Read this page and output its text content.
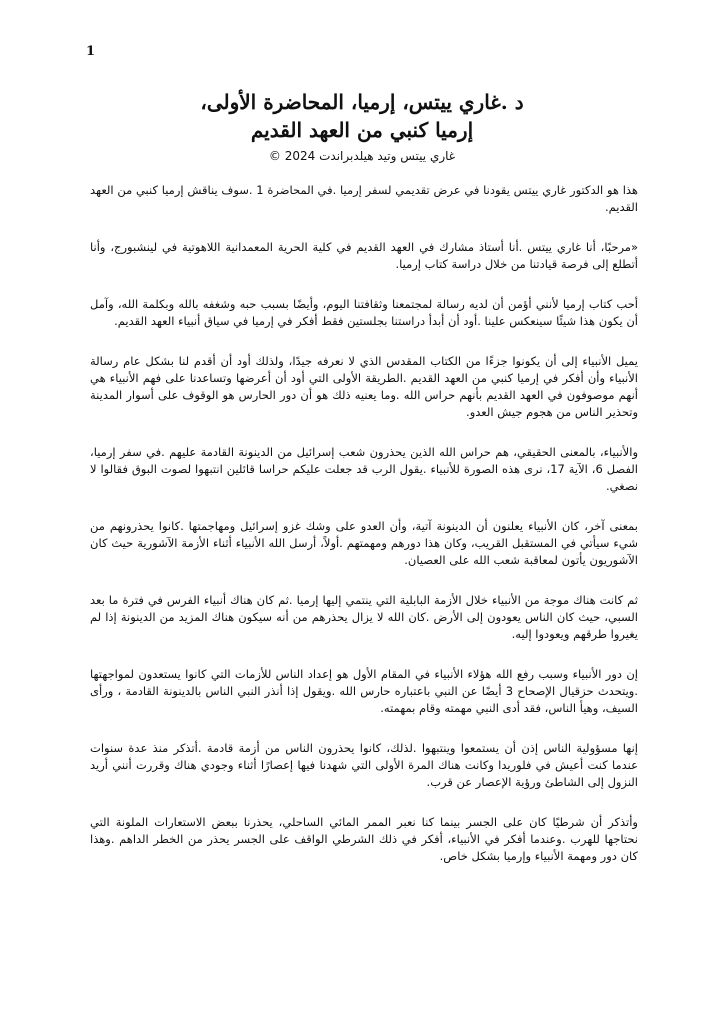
1
د .غاري ييتس، إرميا، المحاضرة الأولى،
إرميا كنبي من العهد القديم
غاري ييتس وتيد هيلدبراندت 2024 ©

هذا هو الدكتور غاري ييتس يقودنا في عرض تقديمي لسفر إرميا .في المحاضرة 1 .سوف يناقش إرميا كنبي من العهد القديم.

«مرحبًا، أنا غاري ييتس .أنا أستاذ مشارك في العهد القديم في كلية الحرية المعمدانية اللاهوتية في لينشبورج، وأنا أتطلع إلى فرصة قيادتنا من خلال دراسة كتاب إرميا.

أحب كتاب إرميا لأنني أؤمن أن لديه رسالة لمجتمعنا وثقافتنا اليوم، وأيضًا بسبب حبه وشغفه بالله وبكلمة الله، وآمل أن يكون هذا شيئًا سينعكس علينا .أود أن أبدأ دراستنا بجلستين فقط أفكر في إرميا في سياق أنبياء العهد القديم.

يميل الأنبياء إلى أن يكونوا جزءًا من الكتاب المقدس الذي لا نعرفه جيدًا، ولذلك أود أن أقدم لنا بشكل عام رسالة الأنبياء وأن أفكر في إرميا كنبي من العهد القديم .الطريقة الأولى التي أود أن أعرضها وتساعدنا على فهم الأنبياء هي أنهم موصوفون في العهد القديم بأنهم حراس الله .وما يعنيه ذلك هو أن دور الحارس هو الوقوف على أسوار المدينة وتحذير الناس من هجوم جيش العدو.

والأنبياء، بالمعنى الحقيقي، هم حراس الله الذين يحذرون شعب إسرائيل من الدينونة القادمة عليهم .في سفر إرميا، الفصل 6، الآية 17، نرى هذه الصورة للأنبياء .يقول الرب قد جعلت عليكم حراسا قائلين انتبهوا لصوت البوق فقالوا لا نصغي.

بمعنى آخر، كان الأنبياء يعلنون أن الدينونة آتية، وأن العدو على وشك غزو إسرائيل ومهاجمتها .كانوا يحذرونهم من شيء سيأتي في المستقبل القريب، وكان هذا دورهم ومهمتهم .أولاً، أرسل الله الأنبياء أثناء الأزمة الآشورية حيث كان الآشوريون يأتون لمعاقبة شعب الله على العصيان.

ثم كانت هناك موجة من الأنبياء خلال الأزمة البابلية التي ينتمي إليها إرميا .ثم كان هناك أنبياء الفرس في فترة ما بعد السبي، حيث كان الناس يعودون إلى الأرض .كان الله لا يزال يحذرهم من أنه سيكون هناك المزيد من الدينونة إذا لم يغيروا طرقهم ويعودوا إليه.

إن دور الأنبياء وسبب رفع الله هؤلاء الأنبياء في المقام الأول هو إعداد الناس للأزمات التي كانوا يستعدون لمواجهتها .ويتحدث حزقيال الإصحاح 3 أيضًا عن النبي باعتباره حارس الله .ويقول إذا أنذر النبي الناس بالدينونة القادمة ، ورأى السيف، وهيأ الناس، فقد أدى النبي مهمته وقام بمهمته.

إنها مسؤولية الناس إذن أن يستمعوا وينتبهوا .لذلك، كانوا يحذرون الناس من أزمة قادمة .أتذكر منذ عدة سنوات عندما كنت أعيش في فلوريدا وكانت هناك المرة الأولى التي شهدنا فيها إعصارًا أثناء وجودي هناك وقررت أنني أريد النزول إلى الشاطئ ورؤية الإعصار عن قرب.

وأتذكر أن شرطيًا كان على الجسر بينما كنا نعبر الممر المائي الساحلي، يحذرنا ببعض الاستعارات الملونة التي نحتاجها للهرب .وعندما أفكر في الأنبياء، أفكر في ذلك الشرطي الواقف على الجسر يحذر من الخطر الداهم .وهذا كان دور ومهمة الأنبياء وإرميا بشكل خاص.
